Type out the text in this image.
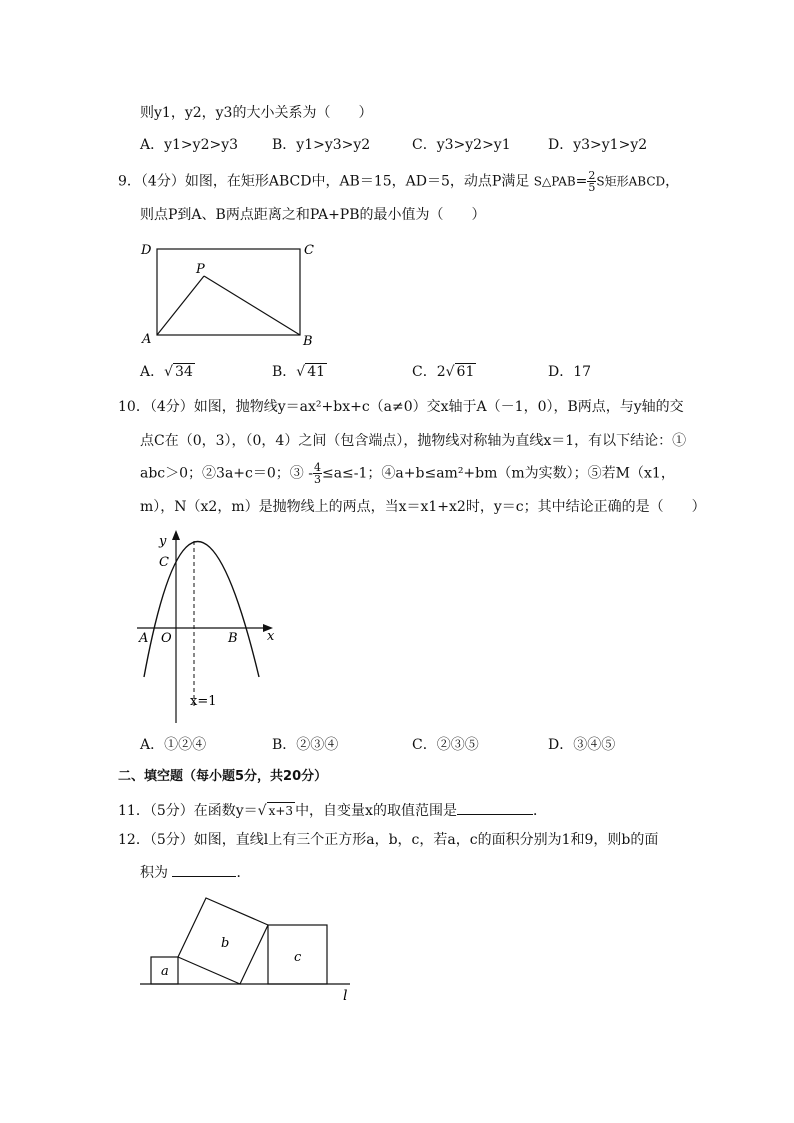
则y1，y2，y3的大小关系为（　　）
A．y1>y2>y3 B．y1>y3>y2	C．y3>y2>y1	D．y3>y1>y2
9．（4分）如图，在矩形ABCD中，AB＝15，AD＝5，动点P满足 S△PAB= $\frac{2}{5}$ S矩形ABCD，
则点P到A、B两点距离之和PA+PB的最小值为（　　）
D	C
P
A	B
A．√ 34	B．√ 41	C．2√ 61	D．17
10．（4分）如图，抛物线y＝ax²+bx+c（a≠0）交x轴于A（－1，0），B两点，与y轴的交
点C在（0，3），（0，4）之间（包含端点），抛物线对称轴为直线x＝1，有以下结论：①
abc＞0；②3a+c＝0；③ - $\frac{4}{3} \le a\le-1$；④a+b≤am²+bm（m为实数）；⑤若M（x1，
m），N（x2，m）是抛物线上的两点，当x＝x1+x2时，y＝c；其中结论正确的是（　　）
y
C
A O	B x
x=1
A．①②④	B．②③④	C．②③⑤	D．③④⑤
二、填空题（每小题5分，共20分）
11．（5分）在函数y＝√ x+3 中，自变量x的取值范围是	．
12．（5分）如图，直线l上有三个正方形a，b，c，若a，c的面积分别为1和9，则b的面
积为	．
a
b
c
l
